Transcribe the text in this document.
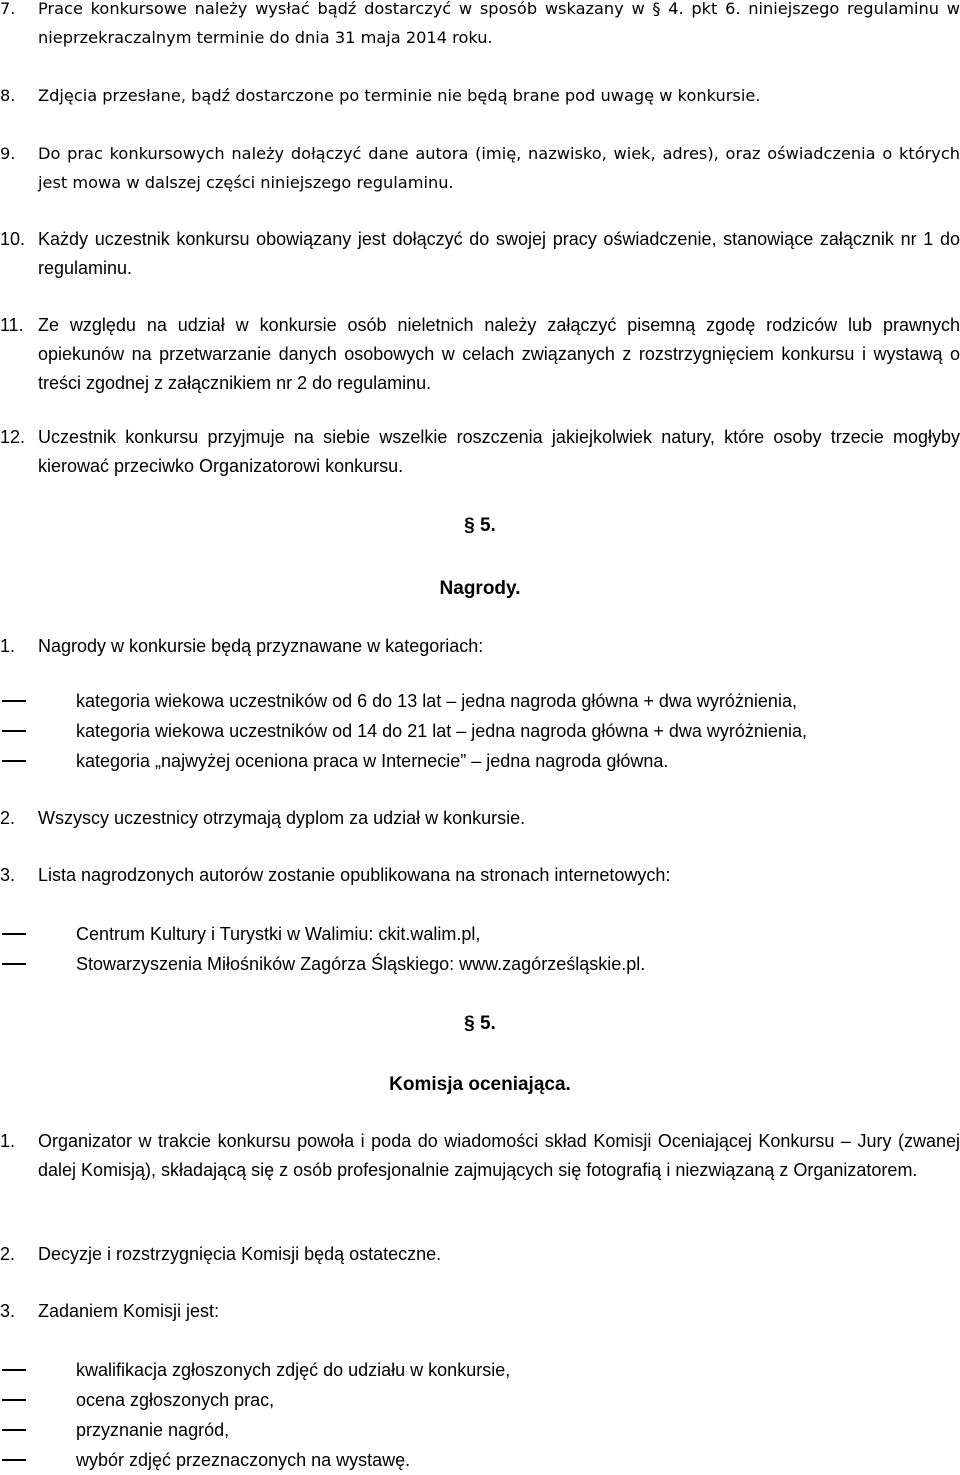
7. Prace konkursowe należy wysłać bądź dostarczyć w sposób wskazany w § 4. pkt 6. niniejszego regulaminu w nieprzekraczalnym terminie do dnia 31 maja 2014 roku.
8. Zdjęcia przesłane, bądź dostarczone po terminie nie będą brane pod uwagę w konkursie.
9. Do prac konkursowych należy dołączyć dane autora (imię, nazwisko, wiek, adres), oraz oświadczenia o których jest mowa w dalszej części niniejszego regulaminu.
10. Każdy uczestnik konkursu obowiązany jest dołączyć do swojej pracy oświadczenie, stanowiące załącznik nr 1 do regulaminu.
11. Ze względu na udział w konkursie osób nieletnich należy załączyć pisemną zgodę rodziców lub prawnych opiekunów na przetwarzanie danych osobowych w celach związanych z rozstrzygnięciem konkursu i wystawą o treści zgodnej z załącznikiem nr 2 do regulaminu.
12. Uczestnik konkursu przyjmuje na siebie wszelkie roszczenia jakiejkolwiek natury, które osoby trzecie mogłyby kierować przeciwko Organizatorowi konkursu.
§ 5.
Nagrody.
1. Nagrody w konkursie będą przyznawane w kategoriach:
kategoria wiekowa uczestników od 6 do 13 lat – jedna nagroda główna + dwa wyróżnienia,
kategoria wiekowa uczestników od 14 do 21 lat – jedna nagroda główna + dwa wyróżnienia,
kategoria „najwyżej oceniona praca w Internecie” – jedna nagroda główna.
2. Wszyscy uczestnicy otrzymają dyplom za udział w konkursie.
3. Lista nagrodzonych autorów zostanie opublikowana na stronach internetowych:
Centrum Kultury i Turystki w Walimiu: ckit.walim.pl,
Stowarzyszenia Miłośników Zagórza Śląskiego: www.zagórześląskie.pl.
§ 5.
Komisja oceniająca.
1. Organizator w trakcie konkursu powoła i poda do wiadomości skład Komisji Oceniającej Konkursu – Jury (zwanej dalej Komisją), składającą się z osób profesjonalnie zajmujących się fotografią i niezwiązaną z Organizatorem.
2. Decyzje i rozstrzygnięcia Komisji będą ostateczne.
3. Zadaniem Komisji jest:
kwalifikacja zgłoszonych zdjęć do udziału w konkursie,
ocena zgłoszonych prac,
przyznanie nagród,
wybór zdjęć przeznaczonych na wystawę.
